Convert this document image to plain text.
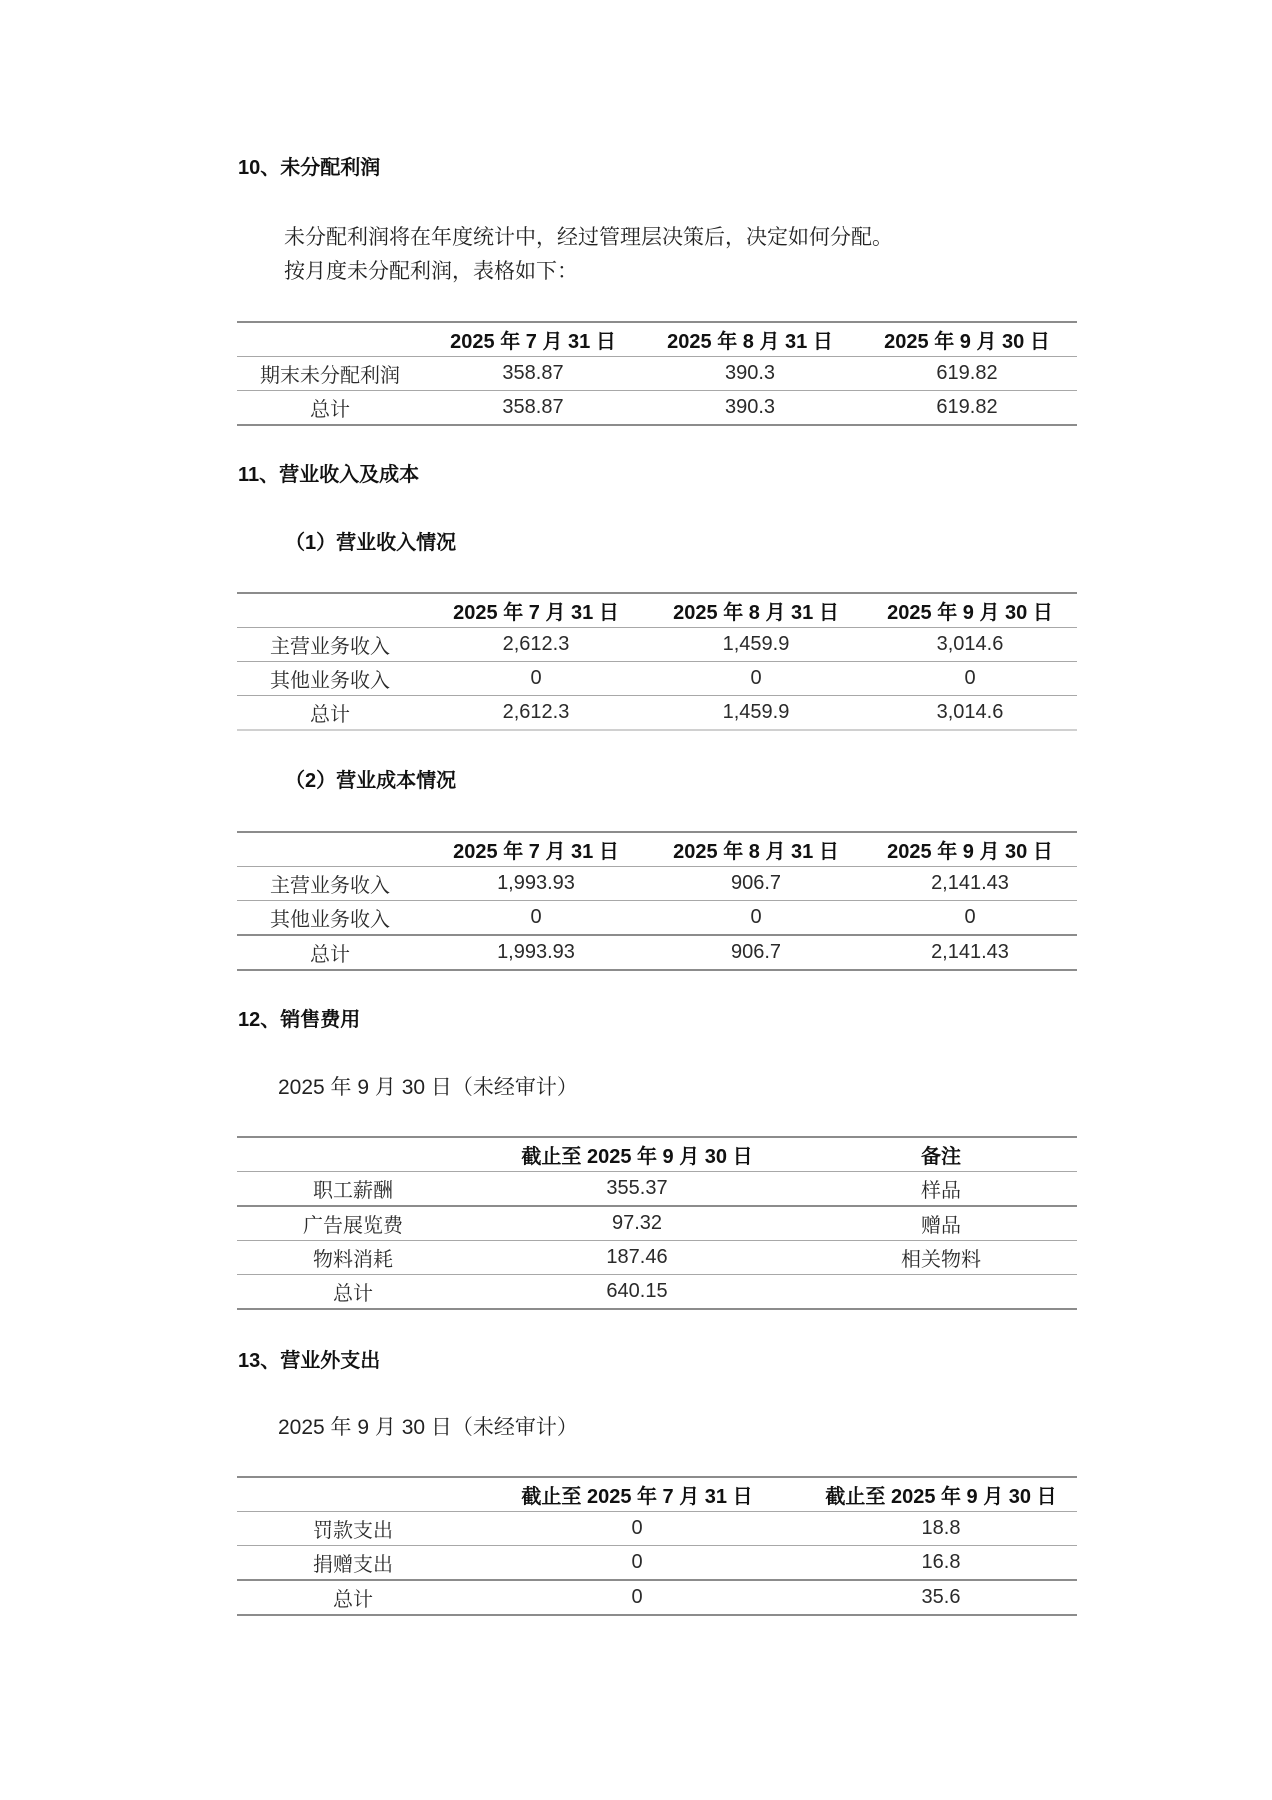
10、未分配利润
未分配利润将在年度统计中，经过管理层决策后，决定如何分配。
按月度未分配利润，表格如下：
	2025 年 7 月 31 日	2025 年 8 月 31 日	2025 年 9 月 30 日
期末未分配利润	358.87	390.3	619.82
总计	358.87	390.3	619.82
11、营业收入及成本
（1）营业收入情况
	2025 年 7 月 31 日	2025 年 8 月 31 日	2025 年 9 月 30 日
主营业务收入	2,612.3	1,459.9	3,014.6
其他业务收入	0	0	0
总计	2,612.3	1,459.9	3,014.6
（2）营业成本情况
	2025 年 7 月 31 日	2025 年 8 月 31 日	2025 年 9 月 30 日
主营业务收入	1,993.93	906.7	2,141.43
其他业务收入	0	0	0
总计	1,993.93	906.7	2,141.43
12、销售费用
2025 年 9 月 30 日（未经审计）
	截止至 2025 年 9 月 30 日	备注
职工薪酬	355.37	样品
广告展览费	97.32	赠品
物料消耗	187.46	相关物料
总计	640.15	
13、营业外支出
2025 年 9 月 30 日（未经审计）
	截止至 2025 年 7 月 31 日	截止至 2025 年 9 月 30 日
罚款支出	0	18.8
捐赠支出	0	16.8
总计	0	35.6
